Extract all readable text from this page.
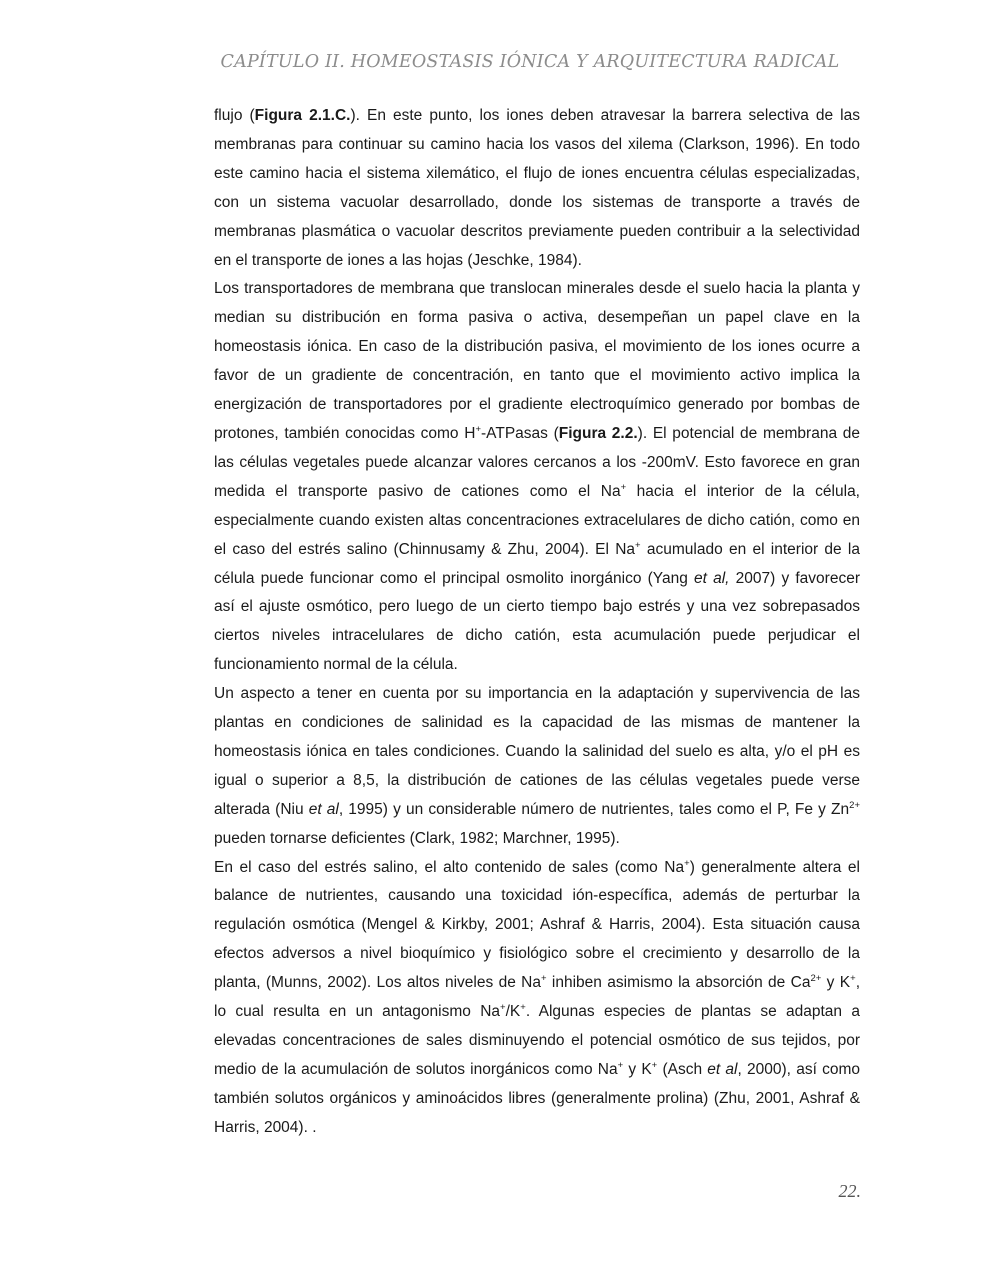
CAPÍTULO II. HOMEOSTASIS IÓNICA Y ARQUITECTURA RADICAL

flujo (Figura 2.1.C.). En este punto, los iones deben atravesar la barrera selectiva de las membranas para continuar su camino hacia los vasos del xilema (Clarkson, 1996). En todo este camino hacia el sistema xilemático, el flujo de iones encuentra células especializadas, con un sistema vacuolar desarrollado, donde los sistemas de transporte a través de membranas plasmática o vacuolar descritos previamente pueden contribuir a la selectividad en el transporte de iones a las hojas (Jeschke, 1984).

Los transportadores de membrana que translocan minerales desde el suelo hacia la planta y median su distribución en forma pasiva o activa, desempeñan un papel clave en la homeostasis iónica. En caso de la distribución pasiva, el movimiento de los iones ocurre a favor de un gradiente de concentración, en tanto que el movimiento activo implica la energización de transportadores por el gradiente electroquímico generado por bombas de protones, también conocidas como H+-ATPasas (Figura 2.2.). El potencial de membrana de las células vegetales puede alcanzar valores cercanos a los -200mV. Esto favorece en gran medida el transporte pasivo de cationes como el Na+ hacia el interior de la célula, especialmente cuando existen altas concentraciones extracelulares de dicho catión, como en el caso del estrés salino (Chinnusamy & Zhu, 2004). El Na+ acumulado en el interior de la célula puede funcionar como el principal osmolito inorgánico (Yang et al, 2007) y favorecer así el ajuste osmótico, pero luego de un cierto tiempo bajo estrés y una vez sobrepasados ciertos niveles intracelulares de dicho catión, esta acumulación puede perjudicar el funcionamiento normal de la célula.

Un aspecto a tener en cuenta por su importancia en la adaptación y supervivencia de las plantas en condiciones de salinidad es la capacidad de las mismas de mantener la homeostasis iónica en tales condiciones. Cuando la salinidad del suelo es alta, y/o el pH es igual o superior a 8,5, la distribución de cationes de las células vegetales puede verse alterada (Niu et al, 1995) y un considerable número de nutrientes, tales como el P, Fe y $Zn^{2+}$ pueden tornarse deficientes (Clark, 1982; Marchner, 1995).

En el caso del estrés salino, el alto contenido de sales (como Na+) generalmente altera el balance de nutrientes, causando una toxicidad ión-específica, además de perturbar la regulación osmótica (Mengel & Kirkby, 2001; Ashraf & Harris, 2004). Esta situación causa efectos adversos a nivel bioquímico y fisiológico sobre el crecimiento y desarrollo de la planta, (Munns, 2002). Los altos niveles de Na+ inhiben asimismo la absorción de $Ca^{2+}$ y K+, lo cual resulta en un antagonismo Na+/K+. Algunas especies de plantas se adaptan a elevadas concentraciones de sales disminuyendo el potencial osmótico de sus tejidos, por medio de la acumulación de solutos inorgánicos como Na+ y K+ (Asch et al, 2000), así como también solutos orgánicos y aminoácidos libres (generalmente prolina) (Zhu, 2001, Ashraf & Harris, 2004). .

22.
